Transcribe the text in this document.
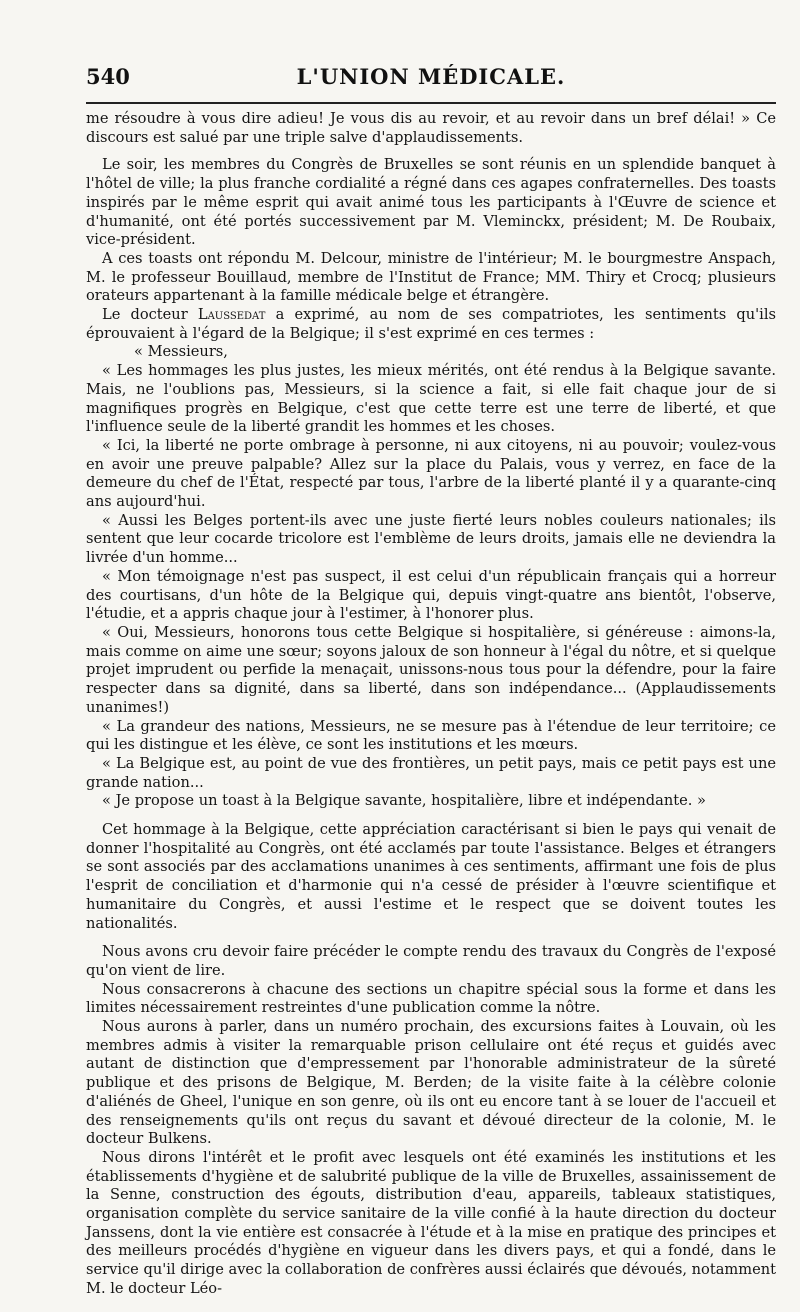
540	L'UNION MÉDICALE.

me résoudre à vous dire adieu! Je vous dis au revoir, et au revoir dans un bref délai! » Ce discours est salué par une triple salve d'applaudissements.

Le soir, les membres du Congrès de Bruxelles se sont réunis en un splendide banquet à l'hôtel de ville; la plus franche cordialité a régné dans ces agapes confraternelles. Des toasts inspirés par le même esprit qui avait animé tous les participants à l'Œuvre de science et d'humanité, ont été portés successivement par M. Vleminckx, président; M. De Roubaix, vice-président.

A ces toasts ont répondu M. Delcour, ministre de l'intérieur; M. le bourgmestre Anspach, M. le professeur Bouillaud, membre de l'Institut de France; MM. Thiry et Crocq; plusieurs orateurs appartenant à la famille médicale belge et étrangère.

Le docteur Laussedat a exprimé, au nom de ses compatriotes, les sentiments qu'ils éprouvaient à l'égard de la Belgique; il s'est exprimé en ces termes :

« Messieurs,

« Les hommages les plus justes, les mieux mérités, ont été rendus à la Belgique savante. Mais, ne l'oublions pas, Messieurs, si la science a fait, si elle fait chaque jour de si magnifiques progrès en Belgique, c'est que cette terre est une terre de liberté, et que l'influence seule de la liberté grandit les hommes et les choses.

« Ici, la liberté ne porte ombrage à personne, ni aux citoyens, ni au pouvoir; voulez-vous en avoir une preuve palpable? Allez sur la place du Palais, vous y verrez, en face de la demeure du chef de l'État, respecté par tous, l'arbre de la liberté planté il y a quarante-cinq ans aujourd'hui.

« Aussi les Belges portent-ils avec une juste fierté leurs nobles couleurs nationales; ils sentent que leur cocarde tricolore est l'emblème de leurs droits, jamais elle ne deviendra la livrée d'un homme...

« Mon témoignage n'est pas suspect, il est celui d'un républicain français qui a horreur des courtisans, d'un hôte de la Belgique qui, depuis vingt-quatre ans bientôt, l'observe, l'étudie, et a appris chaque jour à l'estimer, à l'honorer plus.

« Oui, Messieurs, honorons tous cette Belgique si hospitalière, si généreuse : aimons-la, mais comme on aime une sœur; soyons jaloux de son honneur à l'égal du nôtre, et si quelque projet imprudent ou perfide la menaçait, unissons-nous tous pour la défendre, pour la faire respecter dans sa dignité, dans sa liberté, dans son indépendance... (Applaudissements unanimes!)

« La grandeur des nations, Messieurs, ne se mesure pas à l'étendue de leur territoire; ce qui les distingue et les élève, ce sont les institutions et les mœurs.

« La Belgique est, au point de vue des frontières, un petit pays, mais ce petit pays est une grande nation...

« Je propose un toast à la Belgique savante, hospitalière, libre et indépendante. »

Cet hommage à la Belgique, cette appréciation caractérisant si bien le pays qui venait de donner l'hospitalité au Congrès, ont été acclamés par toute l'assistance. Belges et étrangers se sont associés par des acclamations unanimes à ces sentiments, affirmant une fois de plus l'esprit de conciliation et d'harmonie qui n'a cessé de présider à l'œuvre scientifique et humanitaire du Congrès, et aussi l'estime et le respect que se doivent toutes les nationalités.

Nous avons cru devoir faire précéder le compte rendu des travaux du Congrès de l'exposé qu'on vient de lire.

Nous consacrerons à chacune des sections un chapitre spécial sous la forme et dans les limites nécessairement restreintes d'une publication comme la nôtre.

Nous aurons à parler, dans un numéro prochain, des excursions faites à Louvain, où les membres admis à visiter la remarquable prison cellulaire ont été reçus et guidés avec autant de distinction que d'empressement par l'honorable administrateur de la sûreté publique et des prisons de Belgique, M. Berden; de la visite faite à la célèbre colonie d'aliénés de Gheel, l'unique en son genre, où ils ont eu encore tant à se louer de l'accueil et des renseignements qu'ils ont reçus du savant et dévoué directeur de la colonie, M. le docteur Bulkens.

Nous dirons l'intérêt et le profit avec lesquels ont été examinés les institutions et les établissements d'hygiène et de salubrité publique de la ville de Bruxelles, assainissement de la Senne, construction des égouts, distribution d'eau, appareils, tableaux statistiques, organisation complète du service sanitaire de la ville confié à la haute direction du docteur Janssens, dont la vie entière est consacrée à l'étude et à la mise en pratique des principes et des meilleurs procédés d'hygiène en vigueur dans les divers pays, et qui a fondé, dans le service qu'il dirige avec la collaboration de confrères aussi éclairés que dévoués, notamment M. le docteur Léo-
